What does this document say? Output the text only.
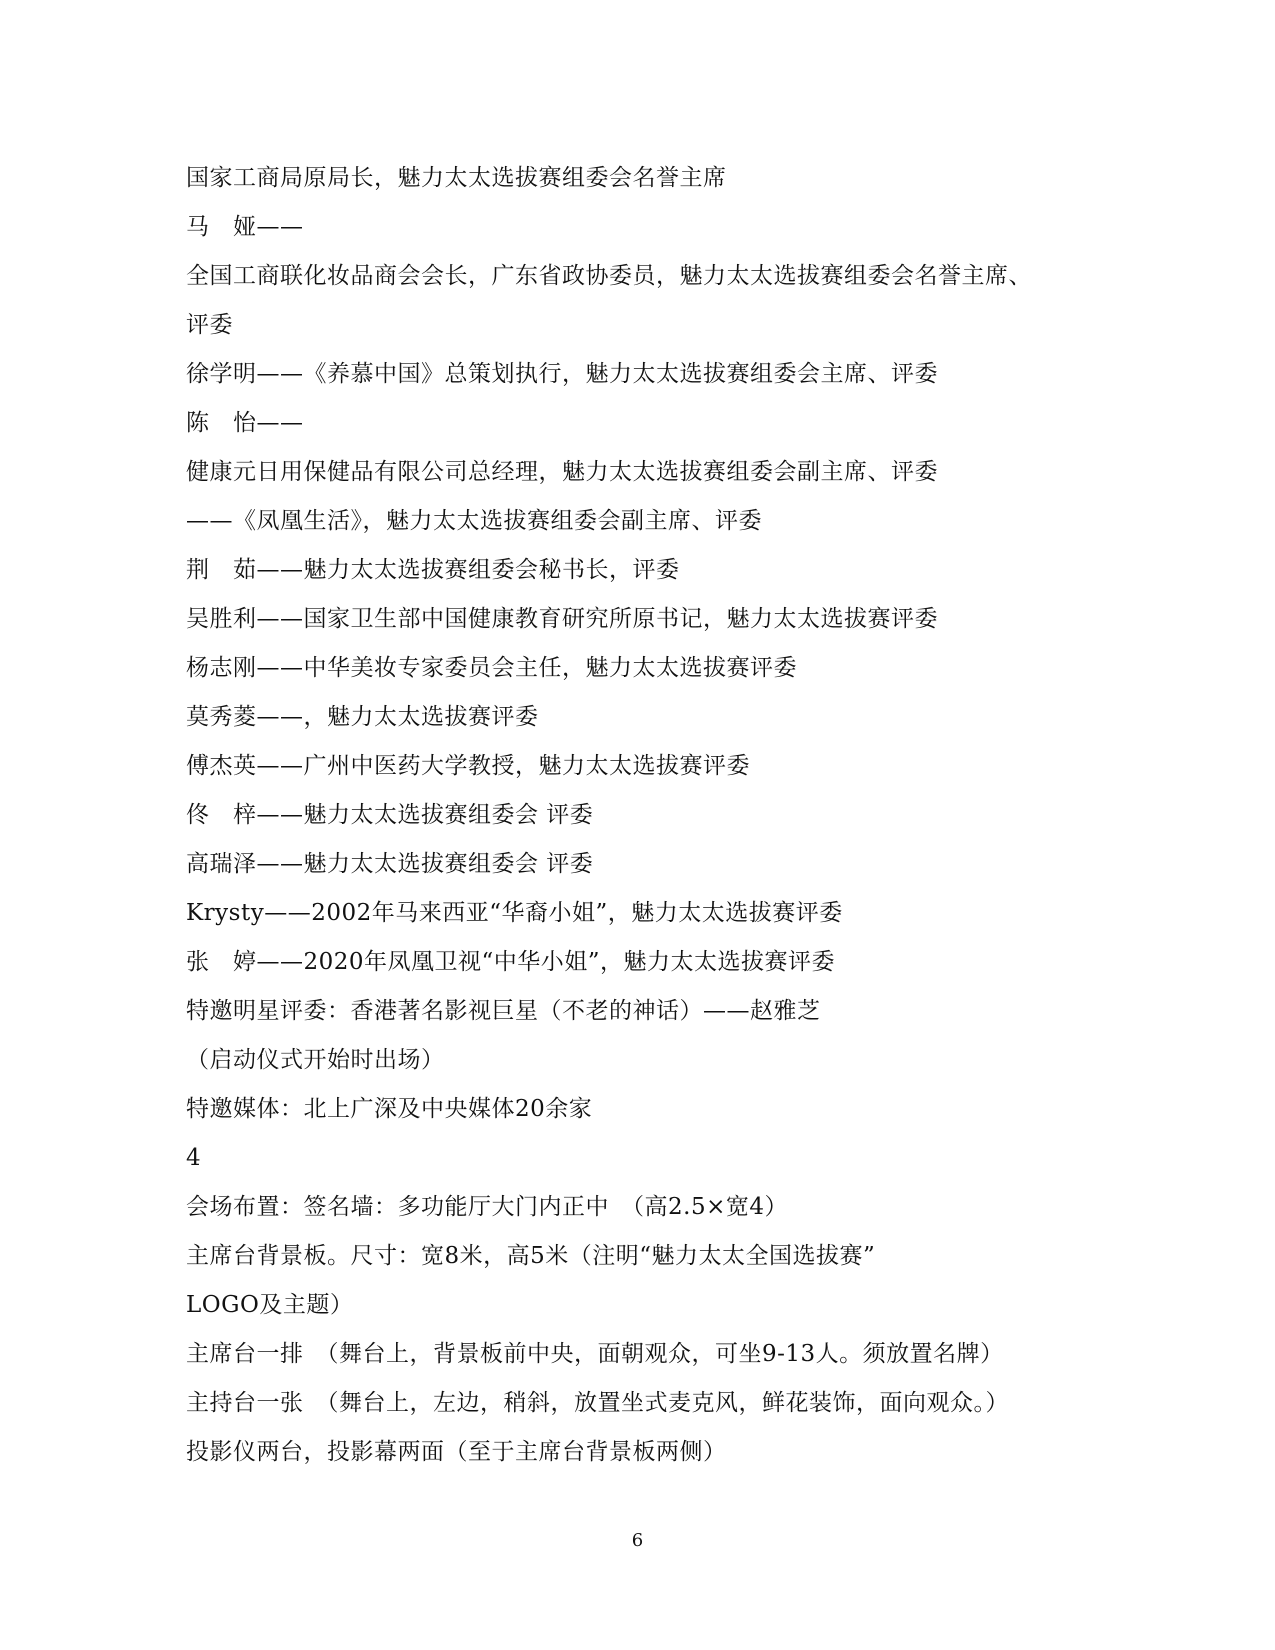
国家工商局原局长，魅力太太选拔赛组委会名誉主席
马　娅——
全国工商联化妆品商会会长，广东省政协委员，魅力太太选拔赛组委会名誉主席、
评委
徐学明——《养慕中国》总策划执行，魅力太太选拔赛组委会主席、评委
陈　怡——
健康元日用保健品有限公司总经理，魅力太太选拔赛组委会副主席、评委
——《凤凰生活》，魅力太太选拔赛组委会副主席、评委
荆　茹——魅力太太选拔赛组委会秘书长，评委
吴胜利——国家卫生部中国健康教育研究所原书记，魅力太太选拔赛评委
杨志刚——中华美妆专家委员会主任，魅力太太选拔赛评委
莫秀菱——，魅力太太选拔赛评委
傅杰英——广州中医药大学教授，魅力太太选拔赛评委
佟　梓——魅力太太选拔赛组委会 评委
高瑞泽——魅力太太选拔赛组委会 评委
Krysty——2002年马来西亚“华裔小姐”，魅力太太选拔赛评委
张　婷——2020年凤凰卫视“中华小姐”，魅力太太选拔赛评委
特邀明星评委：香港著名影视巨星（不老的神话）——赵雅芝
（启动仪式开始时出场）
特邀媒体：北上广深及中央媒体20余家
4
会场布置：签名墙：多功能厅大门内正中　（高2.5×宽4）
主席台背景板。尺寸：宽8米，高5米（注明“魅力太太全国选拔赛”
LOGO及主题）
主席台一排　（舞台上，背景板前中央，面朝观众，可坐9-13人。须放置名牌）
主持台一张　（舞台上，左边，稍斜，放置坐式麦克风，鲜花装饰，面向观众。）
投影仪两台，投影幕两面（至于主席台背景板两侧）
6
